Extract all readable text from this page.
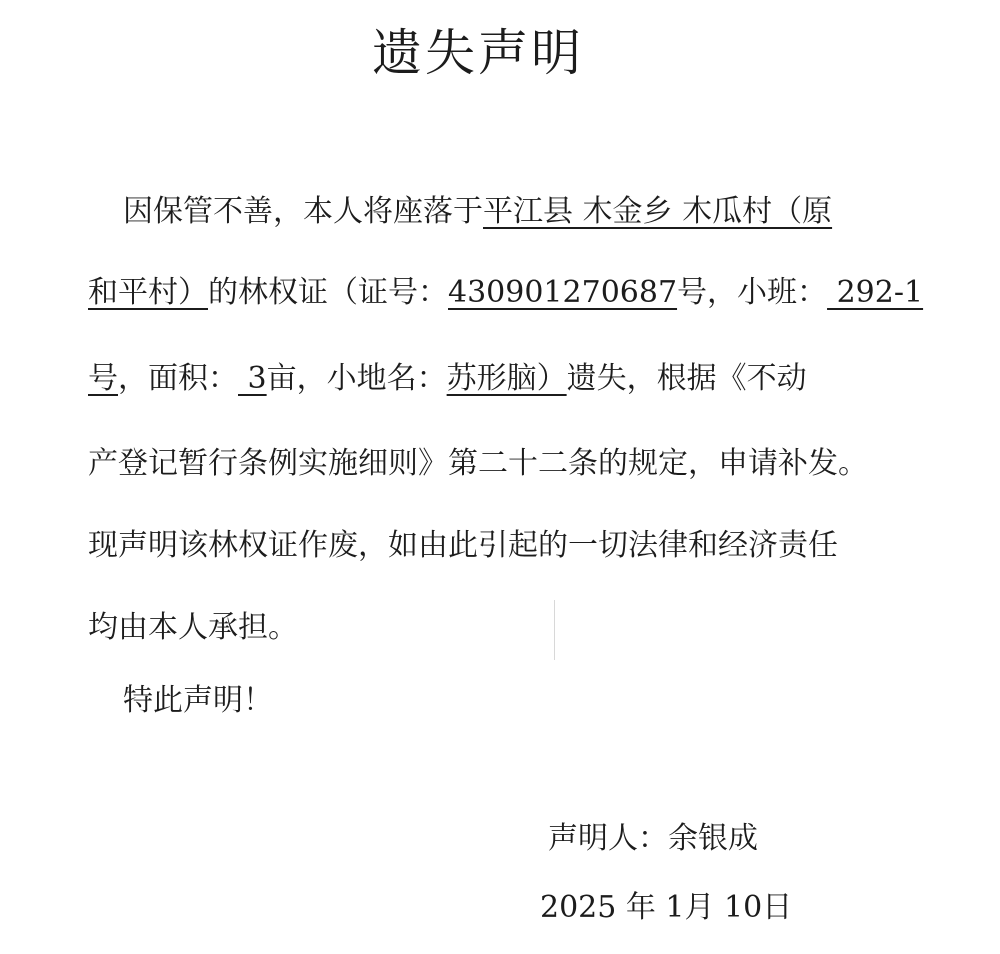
遗失声明
因保管不善，本人将座落于平江县 木金乡 木瓜村（原
和平村）的林权证（证号：430901270687号，小班： 292-1
号，面积： 3亩，小地名：苏形脑）遗失，根据《不动
产登记暂行条例实施细则》第二十二条的规定，申请补发。
现声明该林权证作废，如由此引起的一切法律和经济责任
均由本人承担。
特此声明！
声明人：余银成
2025 年 1月 10日
